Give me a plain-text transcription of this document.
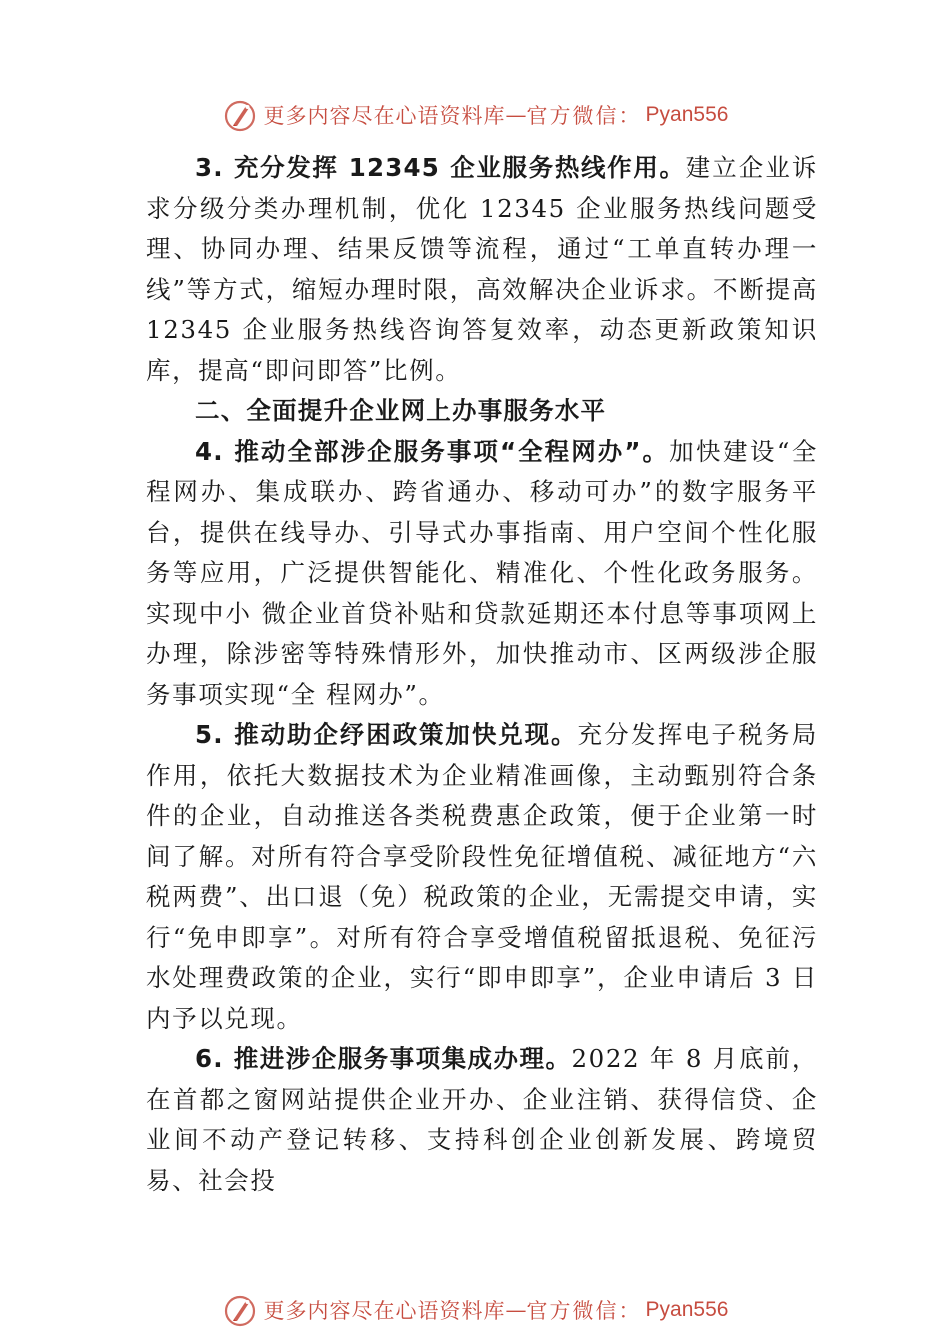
更多内容尽在心语资料库 — 官方微信： Pyan556

3. 充分发挥 12345 企业服务热线作用。建立企业诉求分级分类办理机制，优化 12345 企业服务热线问题受理、协同办理、结果反馈等流程，通过“工单直转办理一线”等方式，缩短办理时限，高效解决企业诉求。不断提高 12345 企业服务热线咨询答复效率，动态更新政策知识库，提高“即问即答”比例。

二、全面提升企业网上办事服务水平

4. 推动全部涉企服务事项“全程网办”。加快建设“全程网办、集成联办、跨省通办、移动可办”的数字服务平台，提供在线导办、引导式办事指南、用户空间个性化服务等应用，广泛提供智能化、精准化、个性化政务服务。实现中小 微企业首贷补贴和贷款延期还本付息等事项网上办理，除涉密等特殊情形外，加快推动市、区两级涉企服务事项实现“全 程网办”。

5. 推动助企纾困政策加快兑现。充分发挥电子税务局作用，依托大数据技术为企业精准画像，主动甄别符合条件的企业，自动推送各类税费惠企政策，便于企业第一时间了解。对所有符合享受阶段性免征增值税、减征地方“六税两费”、出口退（免）税政策的企业，无需提交申请，实行“免申即享”。对所有符合享受增值税留抵退税、免征污水处理费政策的企业，实行“即申即享”，企业申请后 3 日内予以兑现。

6. 推进涉企服务事项集成办理。2022 年 8 月底前，在首都之窗网站提供企业开办、企业注销、获得信贷、企业间不动产登记转移、支持科创企业创新发展、跨境贸易、社会投

更多内容尽在心语资料库 — 官方微信： Pyan556
